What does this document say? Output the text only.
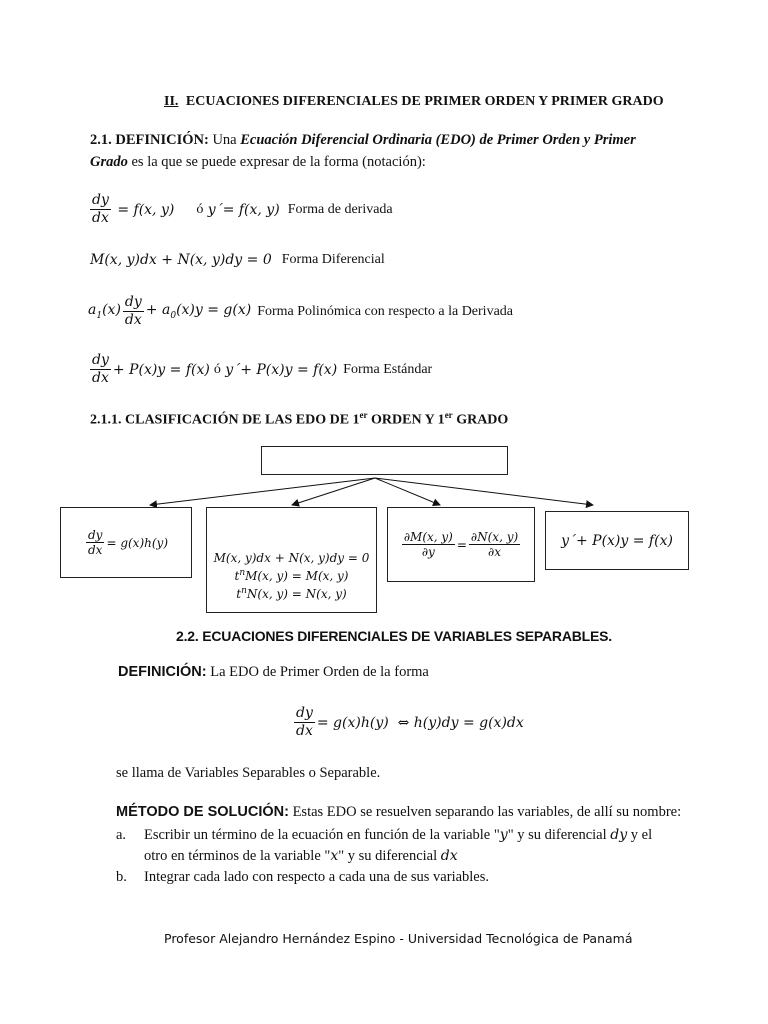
II. ECUACIONES DIFERENCIALES DE PRIMER ORDEN Y PRIMER GRADO
2.1. DEFINICIÓN: Una Ecuación Diferencial Ordinaria (EDO) de Primer Orden y Primer
Grado es la que se puede expresar de la forma (notación):
$\frac{dy}{dx} = f(x$, y) ó y´= f(x, y) Forma de derivada
M(x, y)dx + N(x, y)dy = 0 Forma Diferencial
$a_1(x) \frac{dy}{dx} + a_0(x)y = g(x)$ Forma Polinómica con respecto a la Derivada
$\frac{dy}{dx} + P(x)y = f(x)$ ó y´+ P(x)y = f(x) Forma Estándar
2.1.1. CLASIFICACIÓN DE LAS EDO DE 1er ORDEN Y 1er GRADO
$\frac{dy}{dx} = g(x)h(y)$
M(x, y)dx + N(x, y)dy = 0
$t^nM(x$, y) = M(x, y)
$t^nN(x$, y) = N(x, y)
$\frac{\partial M(x, y)}{\partial y} = \frac{\partial N(x, y)}{\partial x}$	y´+ P(x)y = f(x)
2.2. ECUACIONES DIFERENCIALES DE VARIABLES SEPARABLES.
DEFINICIÓN: La EDO de Primer Orden de la forma
$\frac{dy}{dx} = g(x)h(y)$  ⇔ h(y)dy = g(x)dx
se llama de Variables Separables o Separable.
MÉTODO DE SOLUCIÓN: Estas EDO se resuelven separando las variables, de allí su nombre:
a.	Escribir un término de la ecuación en función de la variable "y" y su diferencial dy y el
otro en términos de la variable "x" y su diferencial dx
b.	Integrar cada lado con respecto a cada una de sus variables.
Profesor Alejandro Hernández Espino - Universidad Tecnológica de Panamá
